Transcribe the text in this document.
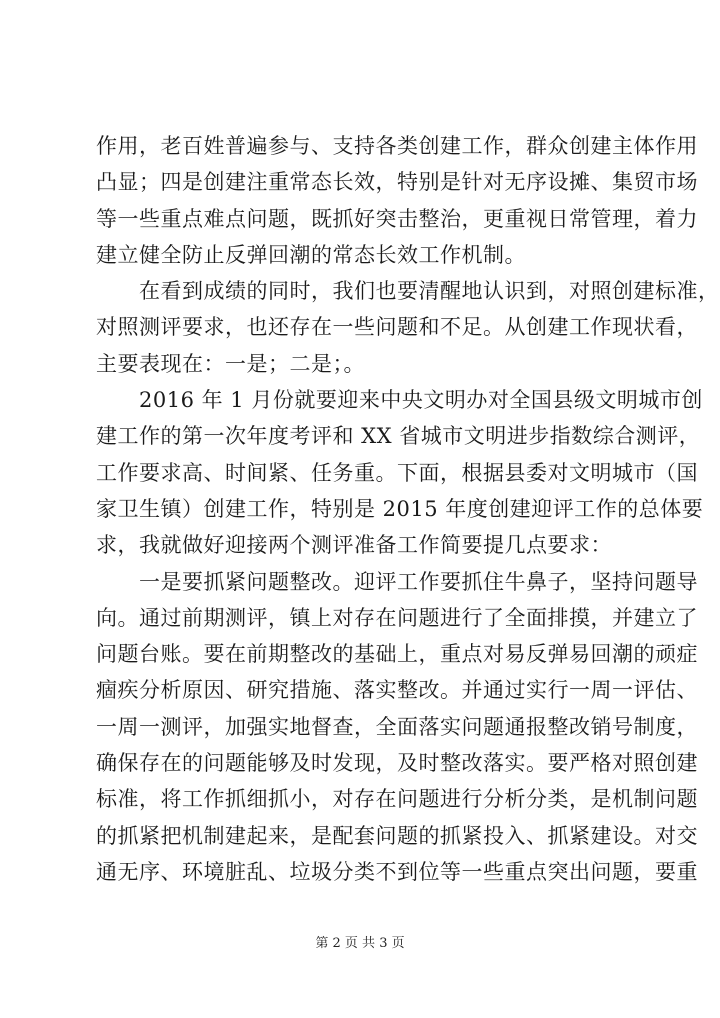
作用，老百姓普遍参与、支持各类创建工作，群众创建主体作用
凸显；四是创建注重常态长效，特别是针对无序设摊、集贸市场
等一些重点难点问题，既抓好突击整治，更重视日常管理，着力
建立健全防止反弹回潮的常态长效工作机制。
　　在看到成绩的同时，我们也要清醒地认识到，对照创建标准，
对照测评要求，也还存在一些问题和不足。从创建工作现状看，
主要表现在：一是；二是；。
　　2016 年 1 月份就要迎来中央文明办对全国县级文明城市创
建工作的第一次年度考评和 XX 省城市文明进步指数综合测评，
工作要求高、时间紧、任务重。下面，根据县委对文明城市（国
家卫生镇）创建工作，特别是 2015 年度创建迎评工作的总体要
求，我就做好迎接两个测评准备工作简要提几点要求：
　　一是要抓紧问题整改。迎评工作要抓住牛鼻子，坚持问题导
向。通过前期测评，镇上对存在问题进行了全面排摸，并建立了
问题台账。要在前期整改的基础上，重点对易反弹易回潮的顽症
痼疾分析原因、研究措施、落实整改。并通过实行一周一评估、
一周一测评，加强实地督查，全面落实问题通报整改销号制度，
确保存在的问题能够及时发现，及时整改落实。要严格对照创建
标准，将工作抓细抓小，对存在问题进行分析分类，是机制问题
的抓紧把机制建起来，是配套问题的抓紧投入、抓紧建设。对交
通无序、环境脏乱、垃圾分类不到位等一些重点突出问题，要重
第 2 页 共 3 页
